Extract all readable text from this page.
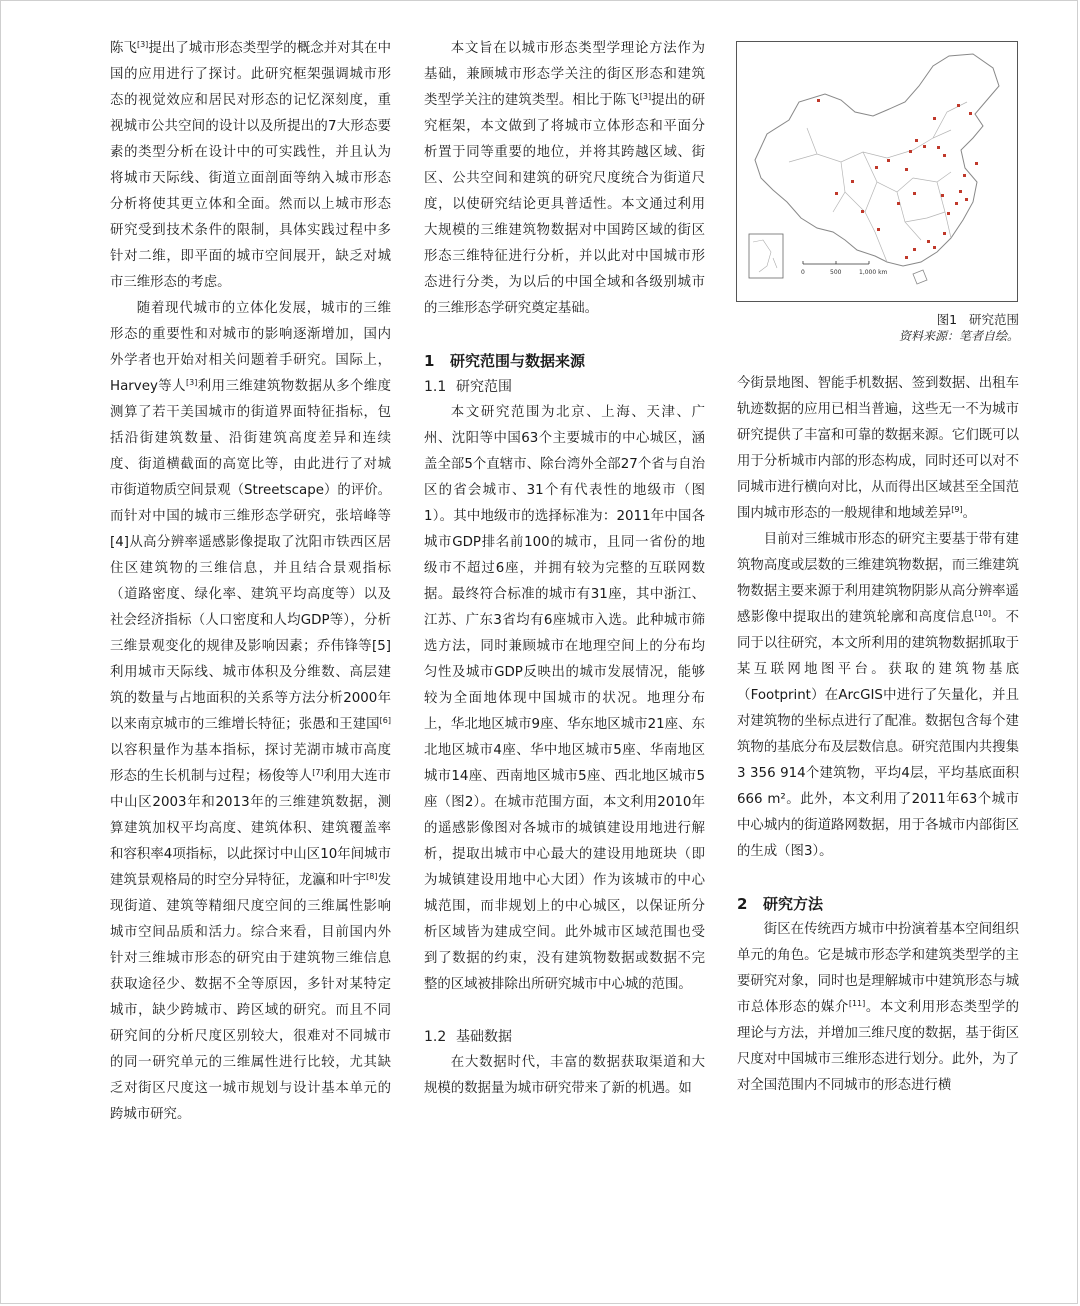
陈飞[3]提出了城市形态类型学的概念并对其在中国的应用进行了探讨。此研究框架强调城市形态的视觉效应和居民对形态的记忆深刻度，重视城市公共空间的设计以及所提出的7大形态要素的类型分析在设计中的可实践性，并且认为将城市天际线、街道立面剖面等纳入城市形态分析将使其更立体和全面。然而以上城市形态研究受到技术条件的限制，具体实践过程中多针对二维，即平面的城市空间展开，缺乏对城市三维形态的考虑。

随着现代城市的立体化发展，城市的三维形态的重要性和对城市的影响逐渐增加，国内外学者也开始对相关问题着手研究。国际上，Harvey等人[3]利用三维建筑物数据从多个维度测算了若干美国城市的街道界面特征指标，包括沿街建筑数量、沿街建筑高度差异和连续度、街道横截面的高宽比等，由此进行了对城市街道物质空间景观（Streetscape）的评价。而针对中国的城市三维形态学研究，张培峰等[4]从高分辨率遥感影像提取了沈阳市铁西区居住区建筑物的三维信息，并且结合景观指标（道路密度、绿化率、建筑平均高度等）以及社会经济指标（人口密度和人均GDP等），分析三维景观变化的规律及影响因素；乔伟锋等[5]利用城市天际线、城市体积及分维数、高层建筑的数量与占地面积的关系等方法分析2000年以来南京城市的三维增长特征；张愚和王建国[6]以容积量作为基本指标，探讨芜湖市城市高度形态的生长机制与过程；杨俊等人[7]利用大连市中山区2003年和2013年的三维建筑数据，测算建筑加权平均高度、建筑体积、建筑覆盖率和容积率4项指标，以此探讨中山区10年间城市建筑景观格局的时空分异特征，龙瀛和叶宇[8]发现街道、建筑等精细尺度空间的三维属性影响城市空间品质和活力。综合来看，目前国内外针对三维城市形态的研究由于建筑物三维信息获取途径少、数据不全等原因，多针对某特定城市，缺少跨城市、跨区域的研究。而且不同研究间的分析尺度区别较大，很难对不同城市的同一研究单元的三维属性进行比较，尤其缺乏对街区尺度这一城市规划与设计基本单元的跨城市研究。

本文旨在以城市形态类型学理论方法作为基础，兼顾城市形态学关注的街区形态和建筑类型学关注的建筑类型。相比于陈飞[3]提出的研究框架，本文做到了将城市立体形态和平面分析置于同等重要的地位，并将其跨越区域、街区、公共空间和建筑的研究尺度统合为街道尺度，以使研究结论更具普适性。本文通过利用大规模的三维建筑物数据对中国跨区域的街区形态三维特征进行分析，并以此对中国城市形态进行分类，为以后的中国全域和各级别城市的三维形态学研究奠定基础。

1 研究范围与数据来源
1.1 研究范围

本文研究范围为北京、上海、天津、广州、沈阳等中国63个主要城市的中心城区，涵盖全部5个直辖市、除台湾外全部27个省与自治区的省会城市、31个有代表性的地级市（图1）。其中地级市的选择标准为：2011年中国各城市GDP排名前100的城市，且同一省份的地级市不超过6座，并拥有较为完整的互联网数据。最终符合标准的城市有31座，其中浙江、江苏、广东3省均有6座城市入选。此种城市筛选方法，同时兼顾城市在地理空间上的分布均匀性及城市GDP反映出的城市发展情况，能够较为全面地体现中国城市的状况。地理分布上，华北地区城市9座、华东地区城市21座、东北地区城市4座、华中地区城市5座、华南地区城市14座、西南地区城市5座、西北地区城市5座（图2）。在城市范围方面，本文利用2010年的遥感影像图对各城市的城镇建设用地进行解析，提取出城市中心最大的建设用地斑块（即为城镇建设用地中心大团）作为该城市的中心城范围，而非规划上的中心城区，以保证所分析区域皆为建成空间。此外城市区域范围也受到了数据的约束，没有建筑物数据或数据不完整的区域被排除出所研究城市中心城的范围。

1.2 基础数据

在大数据时代，丰富的数据获取渠道和大规模的数据量为城市研究带来了新的机遇。如

0	500	1,000 km
图1 研究范围
资料来源：笔者自绘。

今街景地图、智能手机数据、签到数据、出租车轨迹数据的应用已相当普遍，这些无一不为城市研究提供了丰富和可靠的数据来源。它们既可以用于分析城市内部的形态构成，同时还可以对不同城市进行横向对比，从而得出区域甚至全国范围内城市形态的一般规律和地域差异[9]。

目前对三维城市形态的研究主要基于带有建筑物高度或层数的三维建筑物数据，而三维建筑物数据主要来源于利用建筑物阴影从高分辨率遥感影像中提取出的建筑轮廓和高度信息[10]。不同于以往研究，本文所利用的建筑物数据抓取于某互联网地图平台。获取的建筑物基底（Footprint）在ArcGIS中进行了矢量化，并且对建筑物的坐标点进行了配准。数据包含每个建筑物的基底分布及层数信息。研究范围内共搜集3 356 914个建筑物，平均4层，平均基底面积666 m²。此外，本文利用了2011年63个城市中心城内的街道路网数据，用于各城市内部街区的生成（图3）。

2 研究方法

街区在传统西方城市中扮演着基本空间组织单元的角色。它是城市形态学和建筑类型学的主要研究对象，同时也是理解城市中建筑形态与城市总体形态的媒介[11]。本文利用形态类型学的理论与方法，并增加三维尺度的数据，基于街区尺度对中国城市三维形态进行划分。此外，为了对全国范围内不同城市的形态进行横
